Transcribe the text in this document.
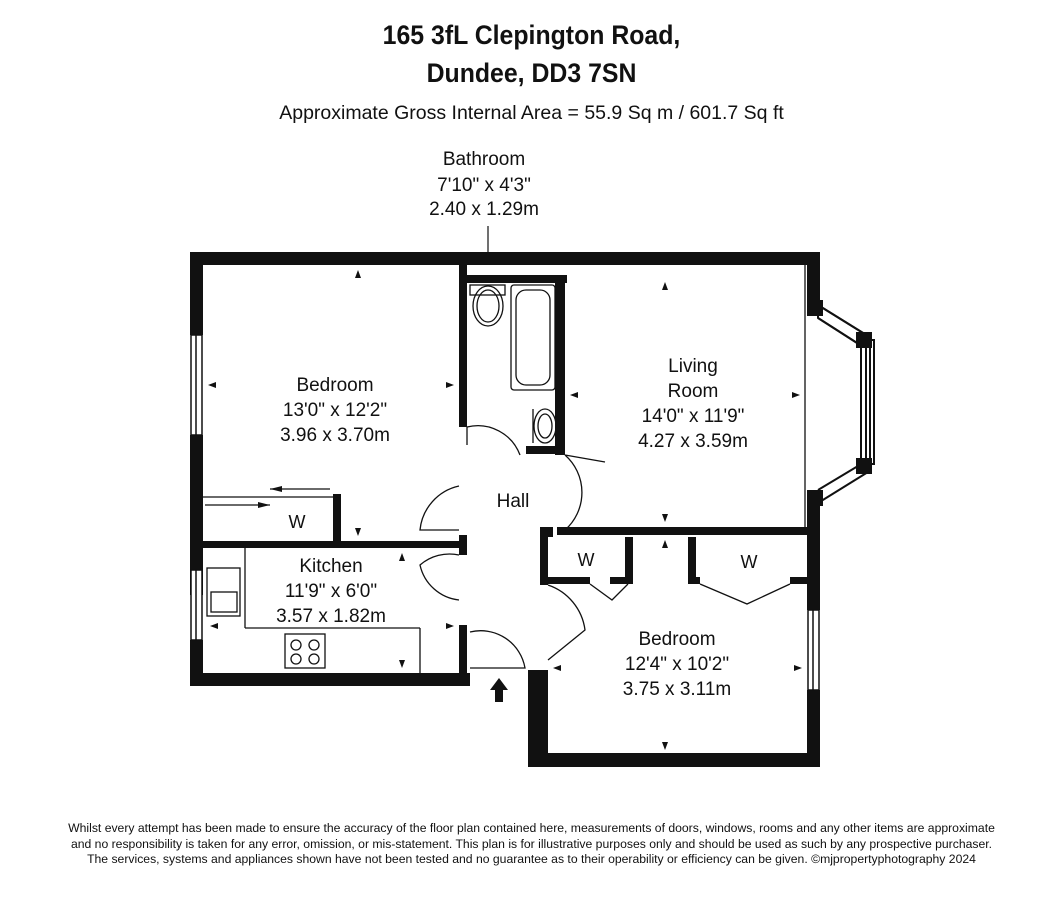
165 3fL Clepington Road,
Dundee, DD3 7SN
Approximate Gross Internal Area = 55.9 Sq m / 601.7 Sq ft
Bathroom
7'10" x 4'3"
2.40 x 1.29m
Bedroom
13'0" x 12'2"
3.96 x 3.70m
Living
Room
14'0" x 11'9"
4.27 x 3.59m
Hall
Kitchen
11'9" x 6'0"
3.57 x 1.82m
Bedroom
12'4" x 10'2"
3.75 x 3.11m
W
W	W
Whilst every attempt has been made to ensure the accuracy of the floor plan contained here, measurements of doors, windows, rooms and any other items are approximate
and no responsibility is taken for any error, omission, or mis-statement. This plan is for illustrative purposes only and should be used as such by any prospective purchaser.
The services, systems and appliances shown have not been tested and no guarantee as to their operability or efficiency can be given. ©mjpropertyphotography 2024
